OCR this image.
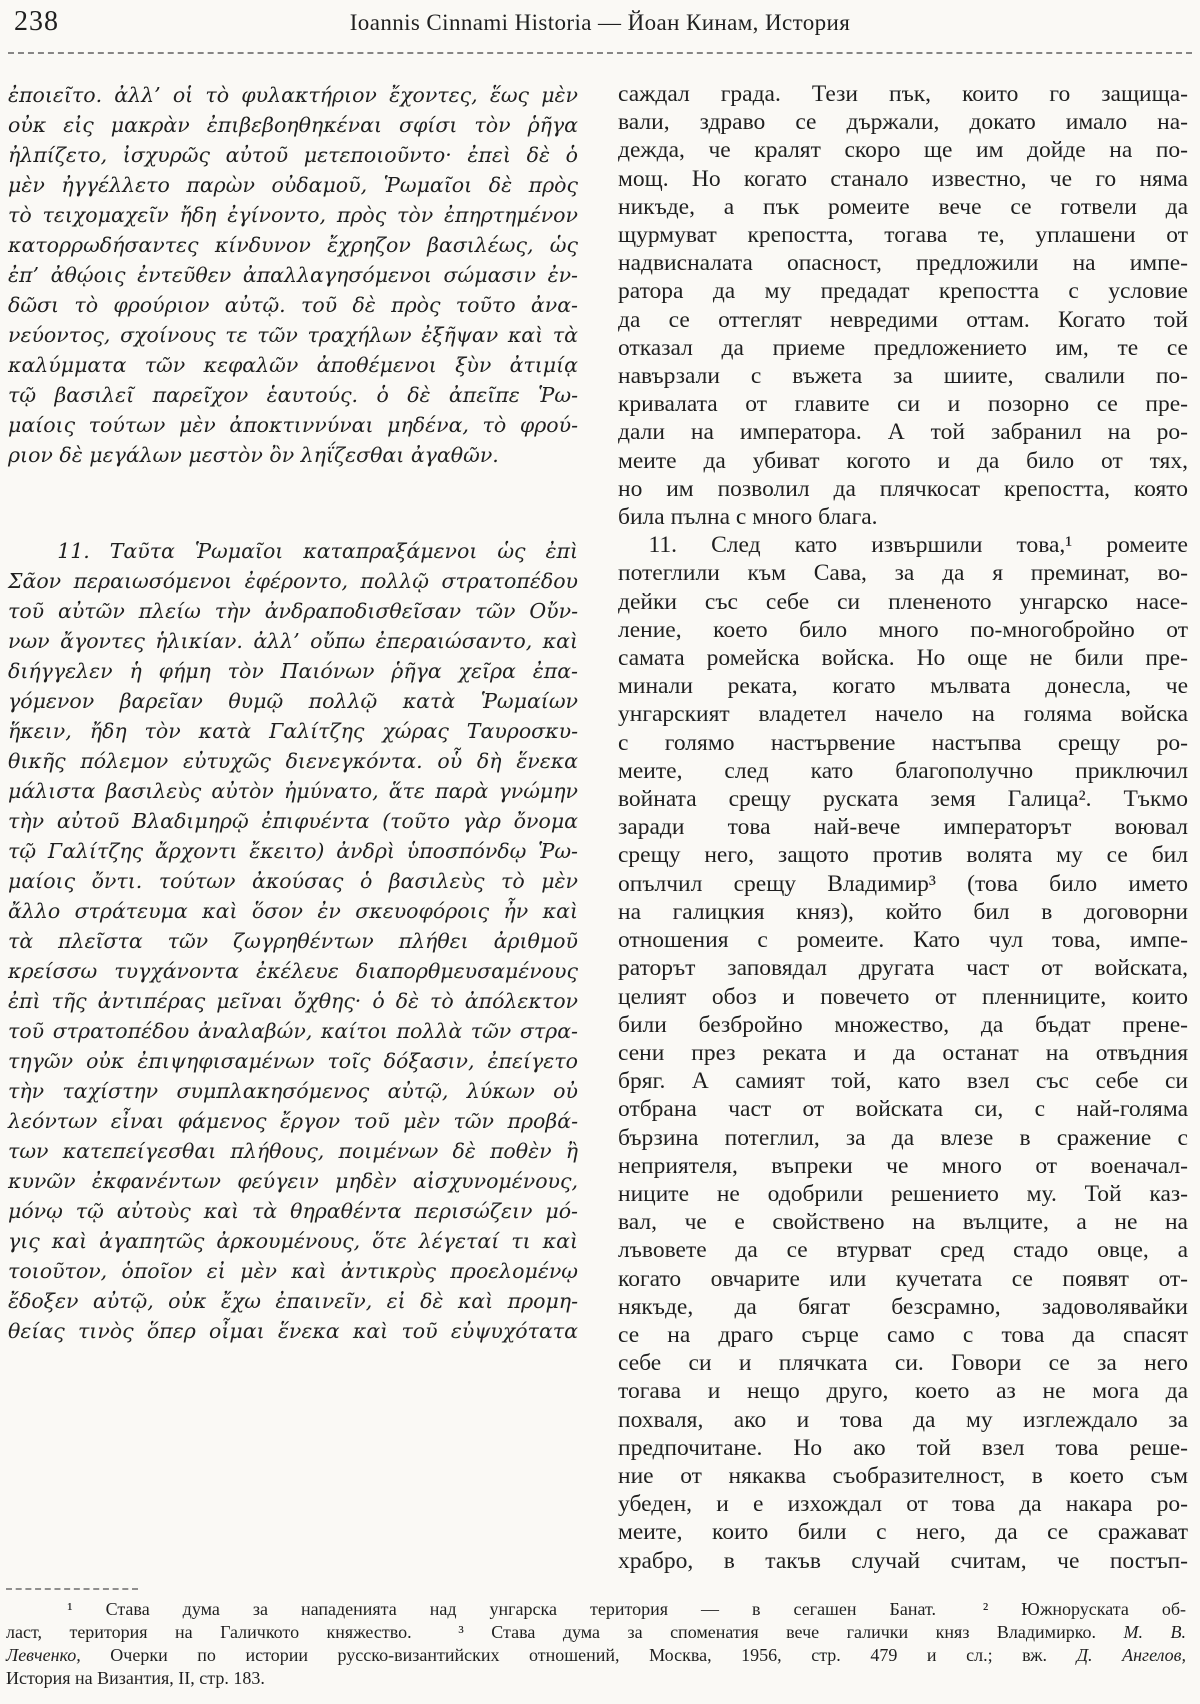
238	Ioannis Cinnami Historia — Йоан Кинам, История
ἐποιεῖτο. ἀλλ’ οἱ τὸ φυλακτήριον ἔχοντες, ἕως μὲν
οὐκ εἰς μακρὰν ἐπιβεβοηθηκέναι σφίσι τὸν ῥῆγα
ἠλπίζετο, ἰσχυρῶς αὐτοῦ μετεποιοῦντο· ἐπεὶ δὲ ὁ
μὲν ἠγγέλλετο παρὼν οὐδαμοῦ, Ῥωμαῖοι δὲ πρὸς
τὸ τειχομαχεῖν ἤδη ἐγίνοντο, πρὸς τὸν ἐπηρτημένον
κατορρωδήσαντες κίνδυνον ἔχρηζον βασιλέως, ὡς
ἐπ’ ἀθῴοις ἐντεῦθεν ἀπαλλαγησόμενοι σώμασιν ἐν-
δῶσι τὸ φρούριον αὐτῷ. τοῦ δὲ πρὸς τοῦτο ἀνα-
νεύοντος, σχοίνους τε τῶν τραχήλων ἐξῆψαν καὶ τὰ
καλύμματα τῶν κεφαλῶν ἀποθέμενοι ξὺν ἀτιμίᾳ
τῷ βασιλεῖ παρεῖχον ἑαυτούς. ὁ δὲ ἀπεῖπε Ῥω-
μαίοις τούτων μὲν ἀποκτιννύναι μηδένα, τὸ φρού-
ριον δὲ μεγάλων μεστὸν ὂν ληΐζεσθαι ἀγαθῶν.
11. Ταῦτα Ῥωμαῖοι καταπραξάμενοι ὡς ἐπὶ
Σᾶον περαιωσόμενοι ἐφέροντο, πολλῷ στρατοπέδου
τοῦ αὐτῶν πλείω τὴν ἀνδραποδισθεῖσαν τῶν Οὔν-
νων ἄγοντες ἡλικίαν. ἀλλ’ οὔπω ἐπεραιώσαντο, καὶ
διήγγελεν ἡ φήμη τὸν Παιόνων ῥῆγα χεῖρα ἐπα-
γόμενον βαρεῖαν θυμῷ πολλῷ κατὰ Ῥωμαίων
ἥκειν, ἤδη τὸν κατὰ Γαλίτζης χώρας Ταυροσκυ-
θικῆς πόλεμον εὐτυχῶς διενεγκόντα. οὗ δὴ ἕνεκα
μάλιστα βασιλεὺς αὐτὸν ἠμύνατο, ἅτε παρὰ γνώμην
τὴν αὐτοῦ Βλαδιμηρῷ ἐπιφυέντα (τοῦτο γὰρ ὄνομα
τῷ Γαλίτζης ἄρχοντι ἔκειτο) ἀνδρὶ ὑποσπόνδῳ Ῥω-
μαίοις ὄντι. τούτων ἀκούσας ὁ βασιλεὺς τὸ μὲν
ἄλλο στράτευμα καὶ ὅσον ἐν σκευοφόροις ἦν καὶ
τὰ πλεῖστα τῶν ζωγρηθέντων πλήθει ἀριθμοῦ
κρείσσω τυγχάνοντα ἐκέλευε διαπορθμευσαμένους
ἐπὶ τῆς ἀντιπέρας μεῖναι ὄχθης· ὁ δὲ τὸ ἀπόλεκτον
τοῦ στρατοπέδου ἀναλαβών, καίτοι πολλὰ τῶν στρα-
τηγῶν οὐκ ἐπιψηφισαμένων τοῖς δόξασιν, ἐπείγετο
τὴν ταχίστην συμπλακησόμενος αὐτῷ, λύκων οὐ
λεόντων εἶναι φάμενος ἔργον τοῦ μὲν τῶν προβά-
των κατεπείγεσθαι πλήθους, ποιμένων δὲ ποθὲν ἢ
κυνῶν ἐκφανέντων φεύγειν μηδὲν αἰσχυνομένους,
μόνῳ τῷ αὐτοὺς καὶ τὰ θηραθέντα περισώζειν μό-
γις καὶ ἀγαπητῶς ἀρκουμένους, ὅτε λέγεταί τι καὶ
τοιοῦτον, ὁποῖον εἰ μὲν καὶ ἀντικρὺς προελομένῳ
ἔδοξεν αὐτῷ, οὐκ ἔχω ἐπαινεῖν, εἰ δὲ καὶ προμη-
θείας τινὸς ὅπερ οἶμαι ἕνεκα καὶ τοῦ εὐψυχότατα
саждал града. Тези пък, които го защища-
вали, здраво се държали, докато имало на-
дежда, че кралят скоро ще им дойде на по-
мощ. Но когато станало известно, че го няма
никъде, а пък ромеите вече се готвели да
щурмуват крепостта, тогава те, уплашени от
надвисналата опасност, предложили на импе-
ратора да му предадат крепостта с условие
да се оттеглят невредими оттам. Когато той
отказал да приеме предложението им, те се
навързали с въжета за шиите, свалили по-
кривалата от главите си и позорно се пре-
дали на императора. А той забранил на ро-
меите да убиват когото и да било от тях,
но им позволил да плячкосат крепостта, която
била пълна с много блага.
11. След като извършили това,¹ ромеите
потеглили към Сава, за да я преминат, во-
дейки със себе си плененото унгарско насе-
ление, което било много по-многобройно от
самата ромейска войска. Но още не били пре-
минали реката, когато мълвата донесла, че
унгарският владетел начело на голяма войска
с голямо настървение настъпва срещу ро-
меите, след като благополучно приключил
войната срещу руската земя Галица². Тъкмо
заради това най-вече императорът воювал
срещу него, защото против волята му се бил
опълчил срещу Владимир³ (това било името
на галицкия княз), който бил в договорни
отношения с ромеите. Като чул това, импе-
раторът заповядал другата част от войската,
целият обоз и повечето от пленниците, които
били безбройно множество, да бъдат прене-
сени през реката и да останат на отвъдния
бряг. А самият той, като взел със себе си
отбрана част от войската си, с най-голяма
бързина потеглил, за да влезе в сражение с
неприятеля, въпреки че много от военачал-
ниците не одобрили решението му. Той каз-
вал, че е свойствено на вълците, а не на
лъвовете да се втурват сред стадо овце, а
когато овчарите или кучетата се появят от-
някъде, да бягат безсрамно, задоволявайки
се на драго сърце само с това да спасят
себе си и плячката си. Говори се за него
тогава и нещо друго, което аз не мога да
похваля, ако и това да му изглеждало за
предпочитане. Но ако той взел това реше-
ние от някаква съобразителност, в което съм
убеден, и е изхождал от това да накара ро-
меите, които били с него, да се сражават
храбро, в такъв случай считам, че постъп-
¹ Става дума за нападенията над унгарска територия — в сегашен Банат.	² Южноруската об-
ласт, територия на Галичкото княжество.	³ Става дума за споменатия вече галички княз Владимирко. М. В.
Левченко, Очерки по истории русско-византийских отношений, Москва, 1956, стр. 479 и сл.; вж. Д. Ангелов,
История на Византия, II, стр. 183.
